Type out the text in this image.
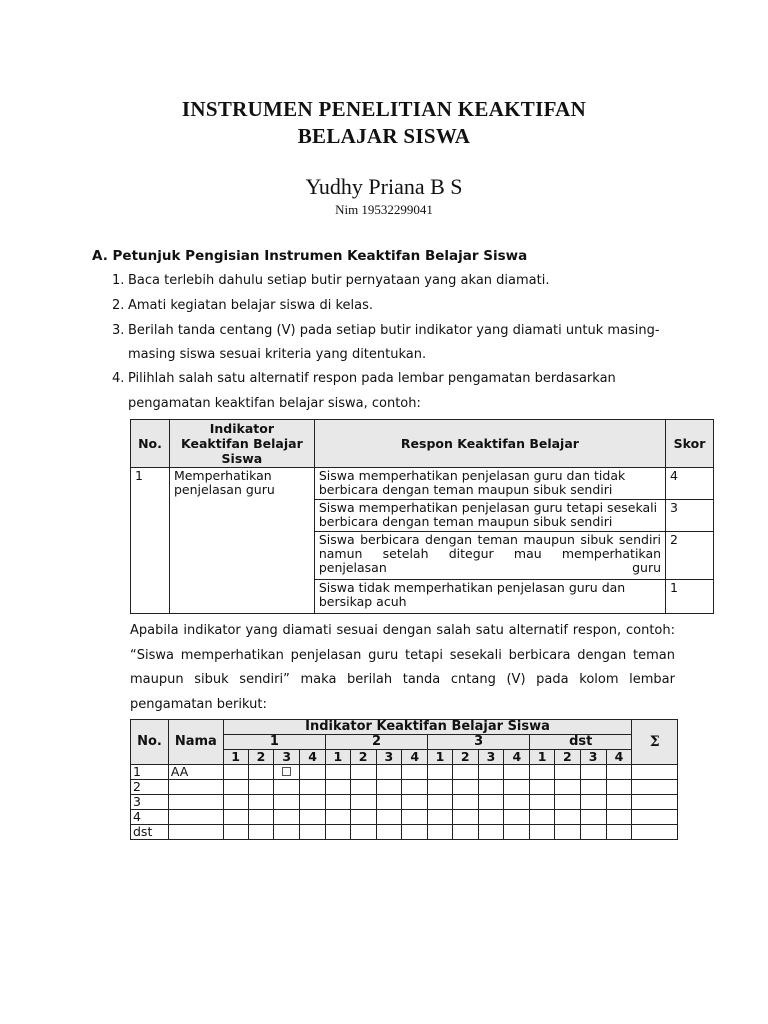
INSTRUMEN PENELITIAN KEAKTIFAN
BELAJAR SISWA
Yudhy Priana B S
Nim 19532299041
A. Petunjuk Pengisian Instrumen Keaktifan Belajar Siswa
1. Baca terlebih dahulu setiap butir pernyataan yang akan diamati.
2. Amati kegiatan belajar siswa di kelas.
3. Berilah tanda centang (V) pada setiap butir indikator yang diamati untuk masing-
masing siswa sesuai kriteria yang ditentukan.
4. Pilihlah salah satu alternatif respon pada lembar pengamatan berdasarkan
pengamatan keaktifan belajar siswa, contoh:
No.	Indikator Keaktifan Belajar Siswa	Respon Keaktifan Belajar	Skor
1	Memperhatikan penjelasan guru	Siswa memperhatikan penjelasan guru dan tidak berbicara dengan teman maupun sibuk sendiri	4
		Siswa memperhatikan penjelasan guru tetapi sesekali berbicara dengan teman maupun sibuk sendiri	3
		Siswa berbicara dengan teman maupun sibuk sendiri namun setelah ditegur mau memperhatikan penjelasan guru	2
		Siswa tidak memperhatikan penjelasan guru dan bersikap acuh	1
Apabila indikator yang diamati sesuai dengan salah satu alternatif respon, contoh: “Siswa memperhatikan penjelasan guru tetapi sesekali berbicara dengan teman maupun sibuk sendiri” maka berilah tanda cntang (V) pada kolom lembar pengamatan berikut:
No.	Nama	Indikator Keaktifan Belajar Siswa																Σ
		1				2				3				dst				
		1	2	3	4	1	2	3	4	1	2	3	4	1	2	3	4	
1	AA																	
2																		
3																		
4																		
dst																		
